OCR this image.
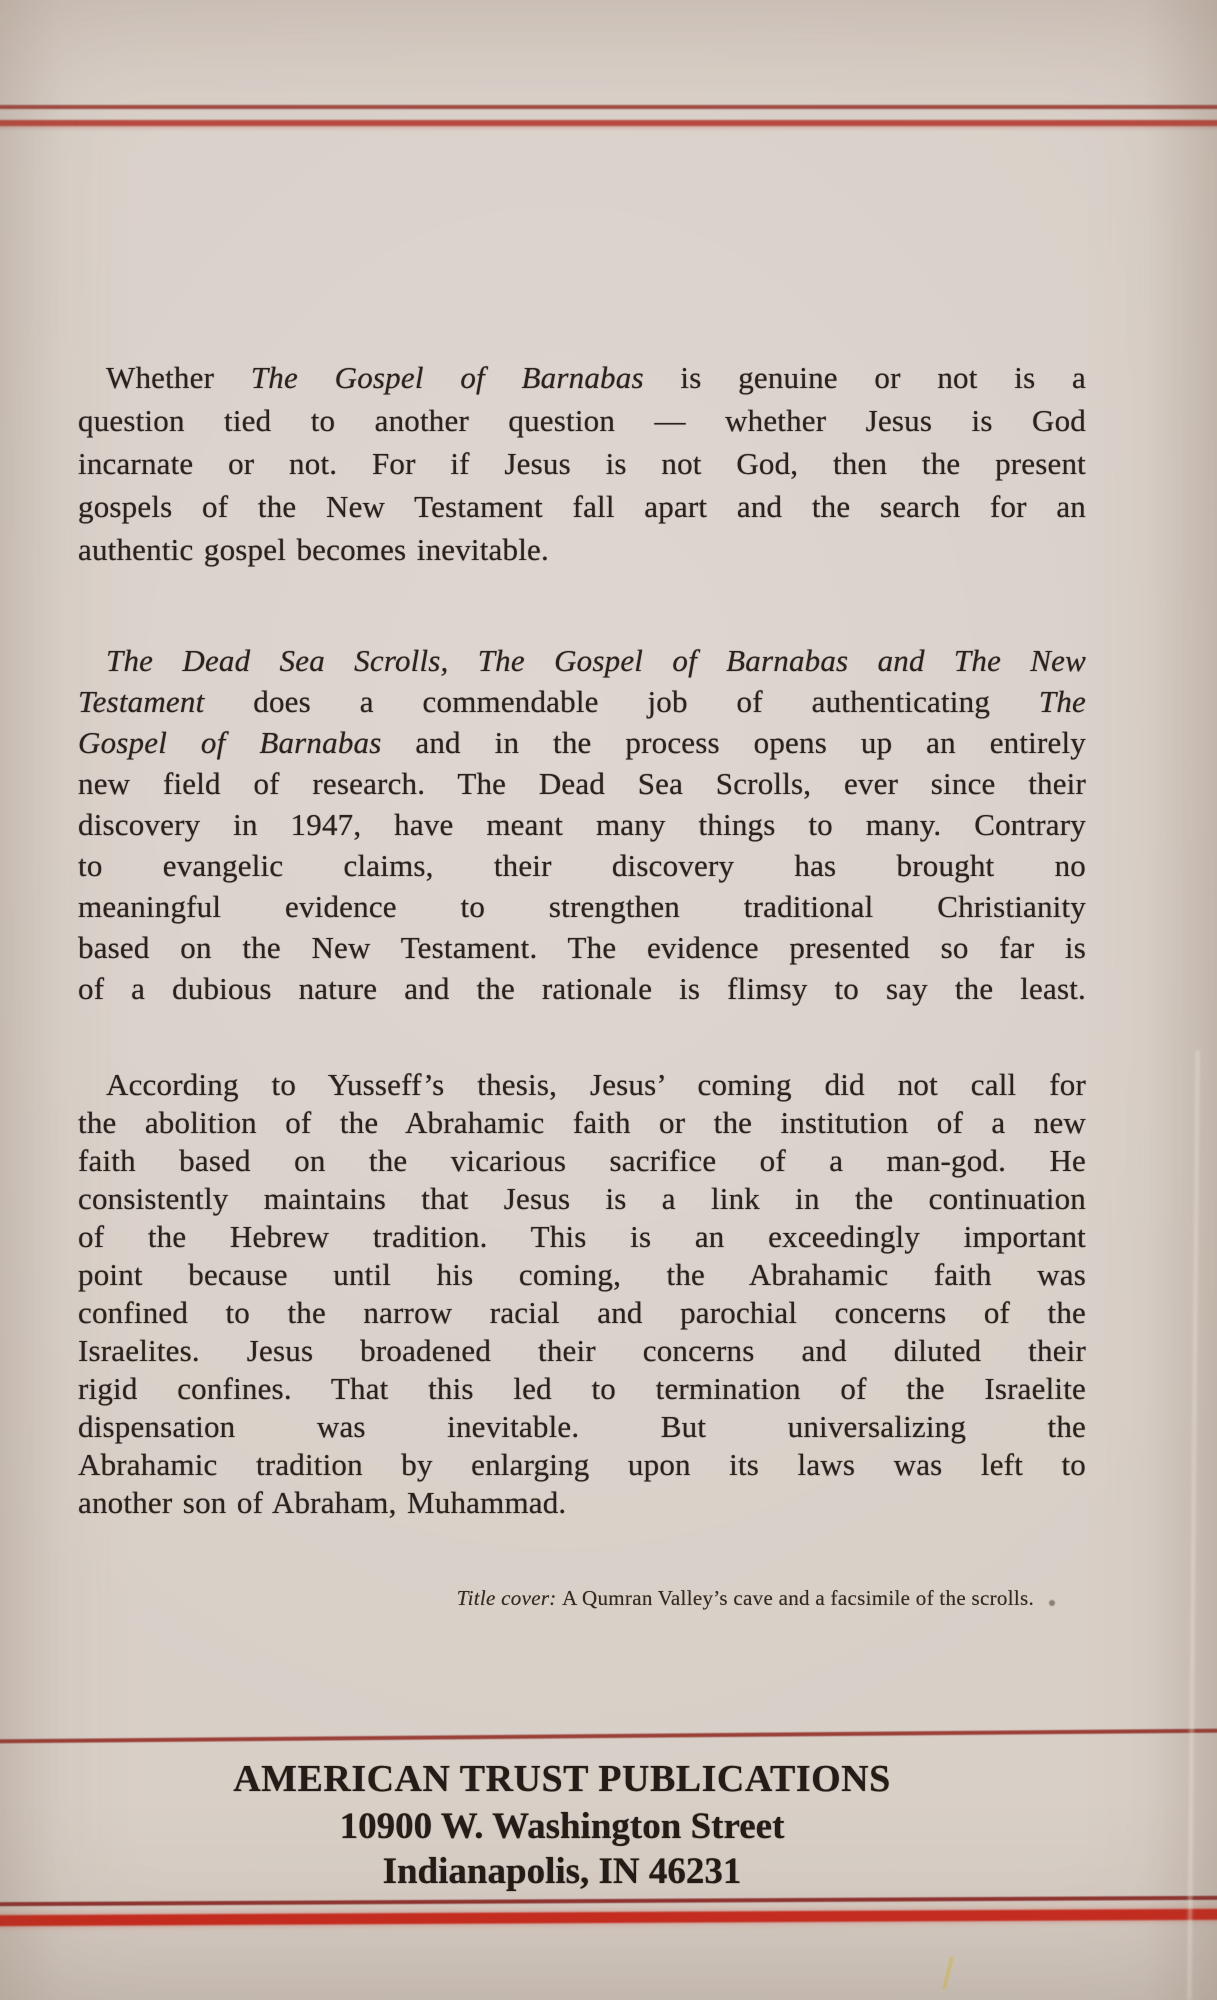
Whether The Gospel of Barnabas is genuine or not is a
question tied to another question — whether Jesus is God
incarnate or not. For if Jesus is not God, then the present
gospels of the New Testament fall apart and the search for an
authentic gospel becomes inevitable.
The Dead Sea Scrolls, The Gospel of Barnabas and The New
Testament does a commendable job of authenticating The
Gospel of Barnabas and in the process opens up an entirely
new field of research. The Dead Sea Scrolls, ever since their
discovery in 1947, have meant many things to many. Contrary
to evangelic claims, their discovery has brought no
meaningful evidence to strengthen traditional Christianity
based on the New Testament. The evidence presented so far is
of a dubious nature and the rationale is flimsy to say the least.
According to Yusseff’s thesis, Jesus’ coming did not call for
the abolition of the Abrahamic faith or the institution of a new
faith based on the vicarious sacrifice of a man-god. He
consistently maintains that Jesus is a link in the continuation
of the Hebrew tradition. This is an exceedingly important
point because until his coming, the Abrahamic faith was
confined to the narrow racial and parochial concerns of the
Israelites. Jesus broadened their concerns and diluted their
rigid confines. That this led to termination of the Israelite
dispensation was inevitable. But universalizing the
Abrahamic tradition by enlarging upon its laws was left to
another son of Abraham, Muhammad.
Title cover: A Qumran Valley’s cave and a facsimile of the scrolls.
AMERICAN TRUST PUBLICATIONS
10900 W. Washington Street
Indianapolis, IN 46231
